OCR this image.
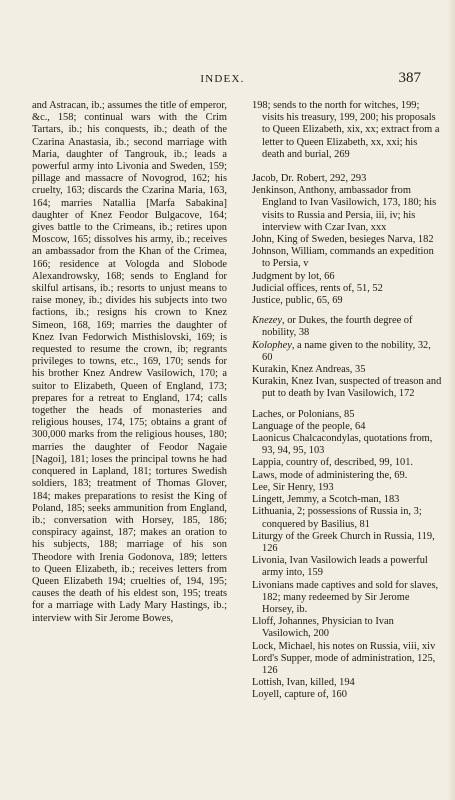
INDEX.	387

and Astracan, ib.; assumes the title of emperor, &c., 158; continual wars with the Crim Tartars, ib.; his conquests, ib.; death of the Czarina Anastasia, ib.; second marriage with Maria, daughter of Tangrouk, ib.; leads a powerful army into Livonia and Sweden, 159; pillage and massacre of Novogrod, 162; his cruelty, 163; discards the Czarina Maria, 163, 164; marries Natallia [Marfa Sabakina] daughter of Knez Feodor Bulgacove, 164; gives battle to the Crimeans, ib.; retires upon Moscow, 165; dissolves his army, ib.; receives an ambassador from the Khan of the Crimea, 166; residence at Vologda and Slobode Alexandrowsky, 168; sends to England for skilful artisans, ib.; resorts to unjust means to raise money, ib.; divides his subjects into two factions, ib.; resigns his crown to Knez Simeon, 168, 169; marries the daughter of Knez Ivan Fedorwich Misthislovski, 169; is requested to resume the crown, ib; regrants privileges to towns, etc., 169, 170; sends for his brother Knez Andrew Vasilowich, 170; a suitor to Elizabeth, Queen of England, 173; prepares for a retreat to England, 174; calls together the heads of monasteries and religious houses, 174, 175; obtains a grant of 300,000 marks from the religious houses, 180; marries the daughter of Feodor Nagaie [Nagoi], 181; loses the principal towns he had conquered in Lapland, 181; tortures Swedish soldiers, 183; treatment of Thomas Glover, 184; makes preparations to resist the King of Poland, 185; seeks ammunition from England, ib.; conversation with Horsey, 185, 186; conspiracy against, 187; makes an oration to his subjects, 188; marriage of his son Theodore with Irenia Godonova, 189; letters to Queen Elizabeth, ib.; receives letters from Queen Elizabeth 194; cruelties of, 194, 195; causes the death of his eldest son, 195; treats for a marriage with Lady Mary Hastings, ib.; interview with Sir Jerome Bowes,

198; sends to the north for witches, 199; visits his treasury, 199, 200; his proposals to Queen Elizabeth, xix, xx; extract from a letter to Queen Elizabeth, xx, xxi; his death and burial, 269

Jacob, Dr. Robert, 292, 293

Jenkinson, Anthony, ambassador from England to Ivan Vasilowich, 173, 180; his visits to Russia and Persia, iii, iv; his interview with Czar Ivan, xxx

John, King of Sweden, besieges Narva, 182

Johnson, William, commands an expedition to Persia, v

Judgment by lot, 66

Judicial offices, rents of, 51, 52

Justice, public, 65, 69

Knezey, or Dukes, the fourth degree of nobility, 38

Kolophey, a name given to the nobility, 32, 60

Kurakin, Knez Andreas, 35

Kurakin, Knez Ivan, suspected of treason and put to death by Ivan Vasilowich, 172

Laches, or Polonians, 85

Language of the people, 64

Laonicus Chalcacondylas, quotations from, 93, 94, 95, 103

Lappia, country of, described, 99, 101.

Laws, mode of administering the, 69.

Lee, Sir Henry, 193

Lingett, Jemmy, a Scotch-man, 183

Lithuania, 2; possessions of Russia in, 3; conquered by Basilius, 81

Liturgy of the Greek Church in Russia, 119, 126

Livonia, Ivan Vasilowich leads a powerful army into, 159

Livonians made captives and sold for slaves, 182; many redeemed by Sir Jerome Horsey, ib.

Lloff, Johannes, Physician to Ivan Vasilowich, 200

Lock, Michael, his notes on Russia, viii, xiv

Lord's Supper, mode of administration, 125, 126

Lottish, Ivan, killed, 194

Loyell, capture of, 160
